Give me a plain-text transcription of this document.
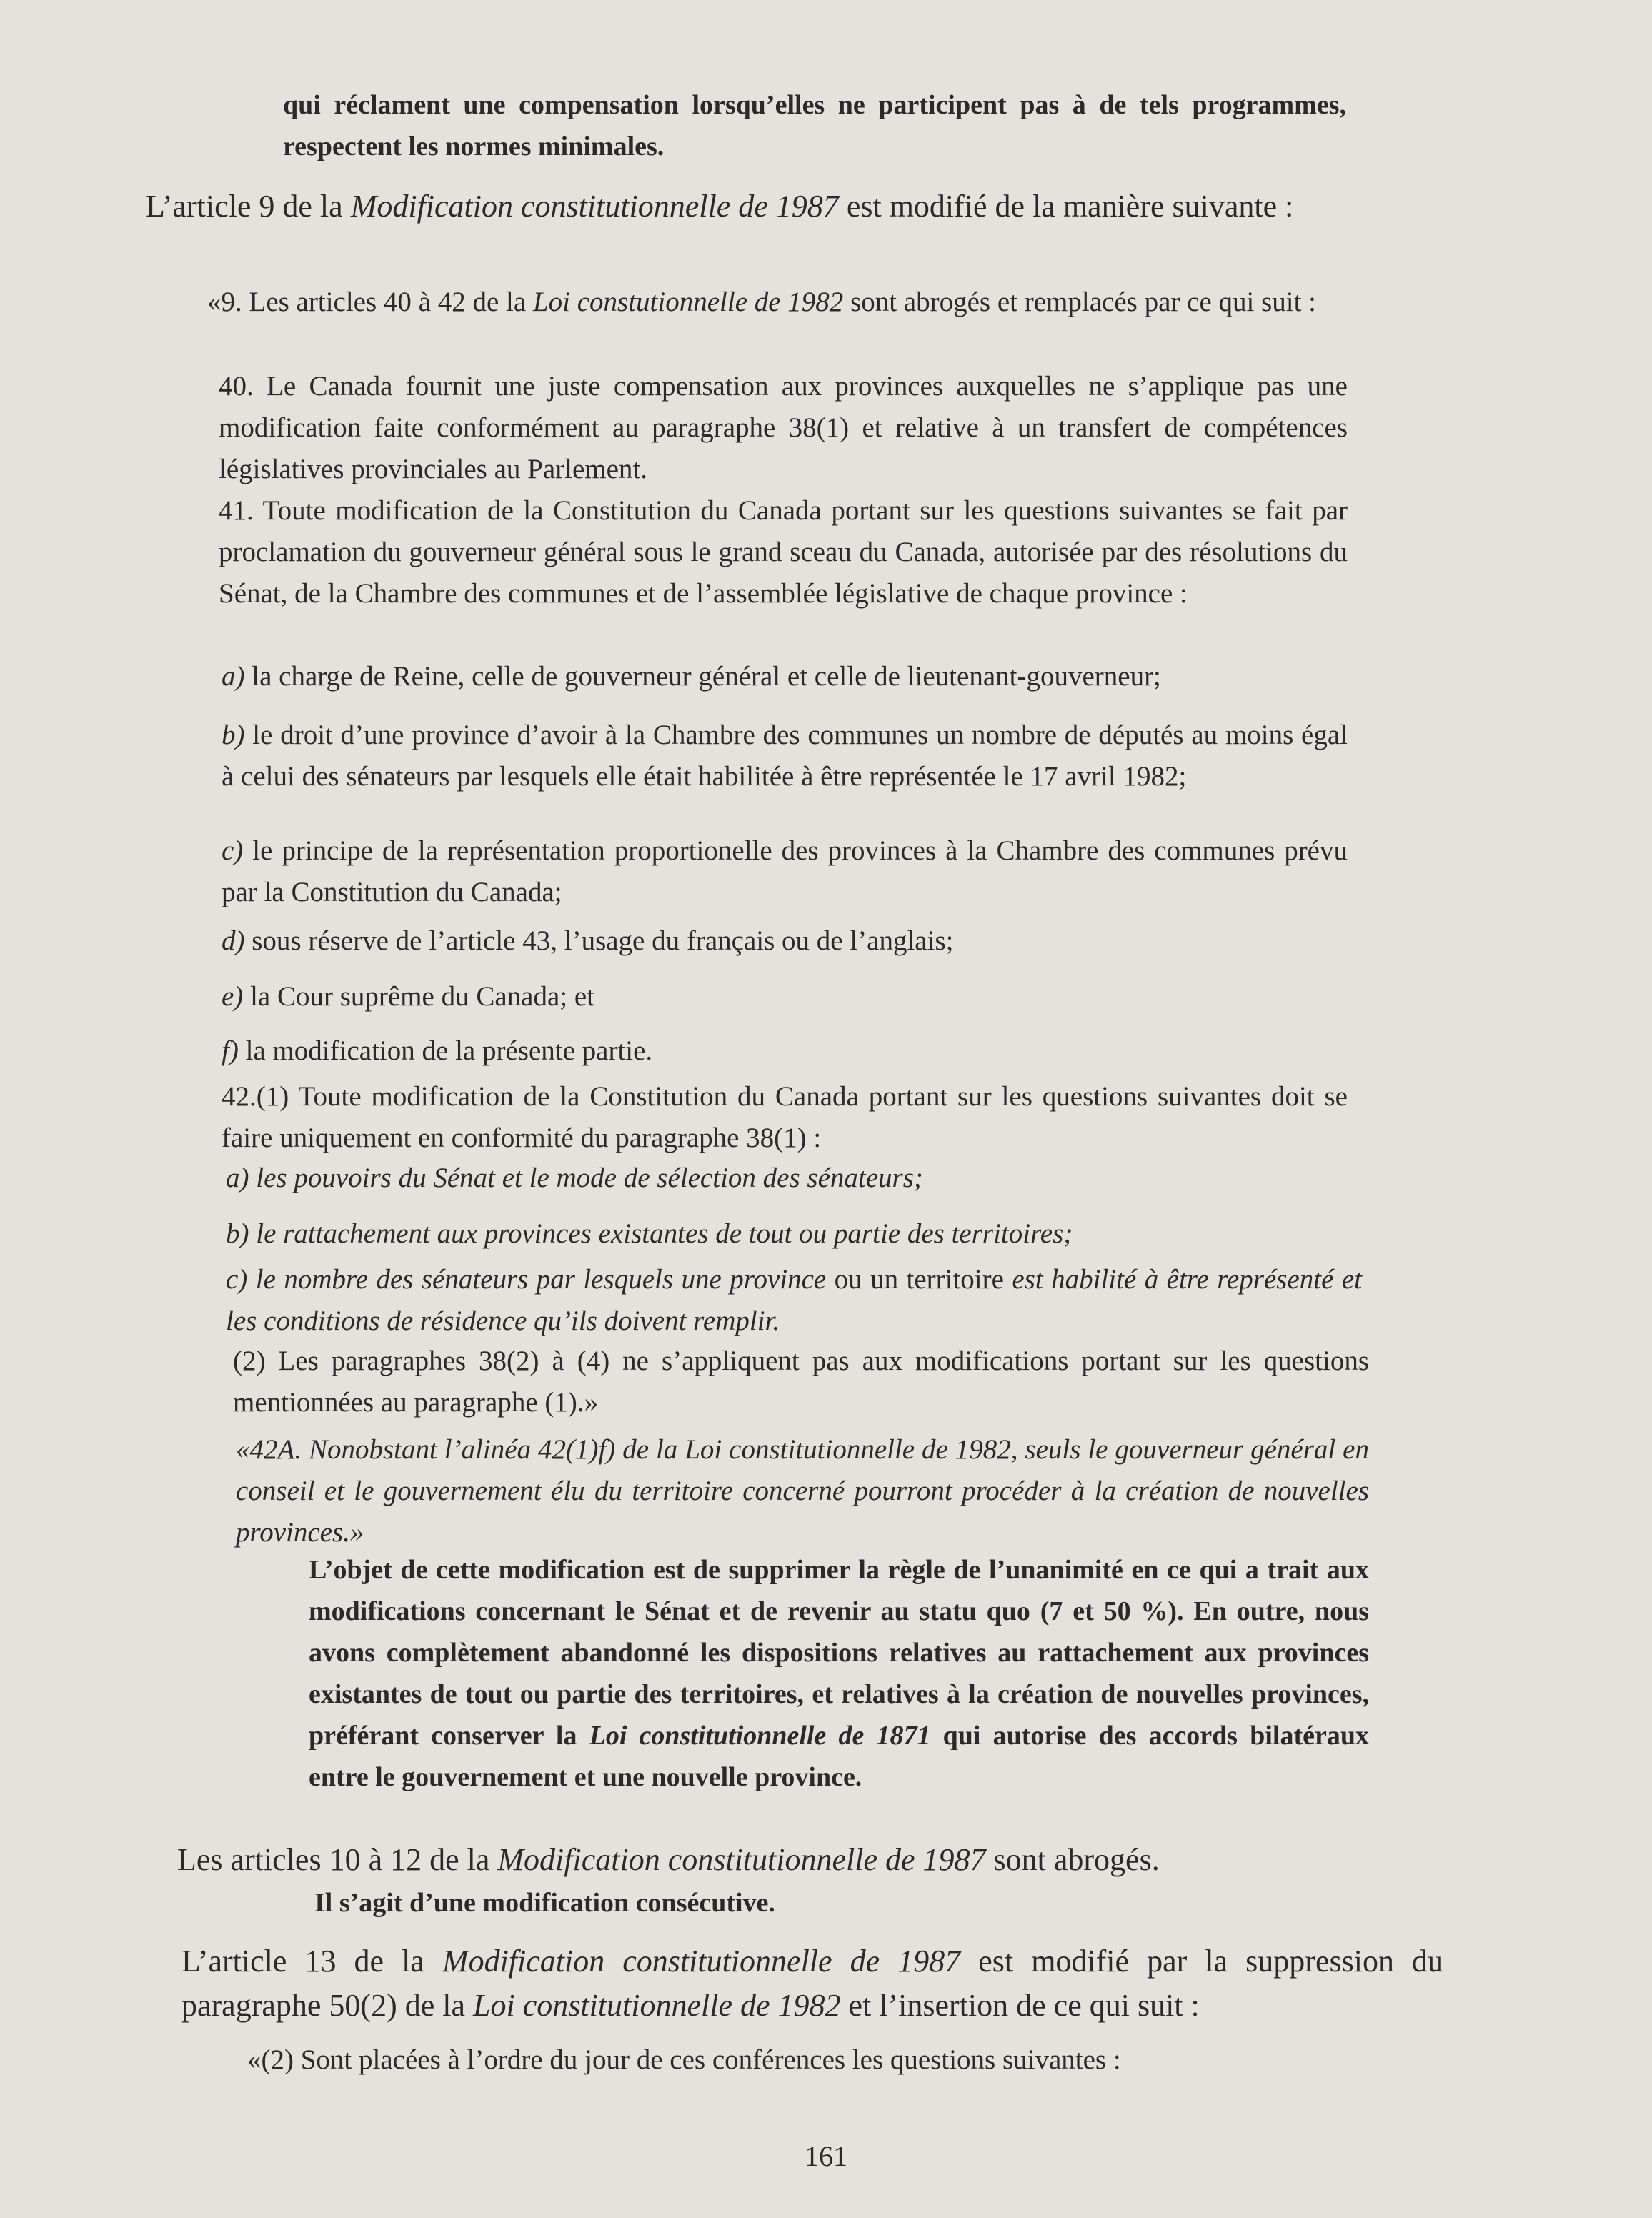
qui réclament une compensation lorsqu’elles ne participent pas à de tels programmes, respectent les normes minimales.

L’article 9 de la Modification constitutionnelle de 1987 est modifié de la manière suivante :

«9. Les articles 40 à 42 de la Loi constutionnelle de 1982 sont abrogés et remplacés par ce qui suit :

40. Le Canada fournit une juste compensation aux provinces auxquelles ne s’applique pas une modification faite conformément au paragraphe 38(1) et relative à un transfert de compétences législatives provinciales au Parlement.

41. Toute modification de la Constitution du Canada portant sur les questions suivantes se fait par proclamation du gouverneur général sous le grand sceau du Canada, autorisée par des résolutions du Sénat, de la Chambre des communes et de l’assemblée législative de chaque province :

a) la charge de Reine, celle de gouverneur général et celle de lieutenant-gouverneur;

b) le droit d’une province d’avoir à la Chambre des communes un nombre de députés au moins égal à celui des sénateurs par lesquels elle était habilitée à être représentée le 17 avril 1982;

c) le principe de la représentation proportionelle des provinces à la Chambre des communes prévu par la Constitution du Canada;

d) sous réserve de l’article 43, l’usage du français ou de l’anglais;

e) la Cour suprême du Canada; et

f) la modification de la présente partie.

42.(1) Toute modification de la Constitution du Canada portant sur les questions suivantes doit se faire uniquement en conformité du paragraphe 38(1) :

a) les pouvoirs du Sénat et le mode de sélection des sénateurs;

b) le rattachement aux provinces existantes de tout ou partie des territoires;

c) le nombre des sénateurs par lesquels une province ou un territoire est habilité à être représenté et les conditions de résidence qu’ils doivent remplir.

(2) Les paragraphes 38(2) à (4) ne s’appliquent pas aux modifications portant sur les questions mentionnées au paragraphe (1).»

«42A. Nonobstant l’alinéa 42(1)f) de la Loi constitutionnelle de 1982, seuls le gouverneur général en conseil et le gouvernement élu du territoire concerné pourront procéder à la création de nouvelles provinces.»

L’objet de cette modification est de supprimer la règle de l’unanimité en ce qui a trait aux modifications concernant le Sénat et de revenir au statu quo (7 et 50 %). En outre, nous avons complètement abandonné les dispositions relatives au rattachement aux provinces existantes de tout ou partie des territoires, et relatives à la création de nouvelles provinces, préférant conserver la Loi constitutionnelle de 1871 qui autorise des accords bilatéraux entre le gouvernement et une nouvelle province.

Les articles 10 à 12 de la Modification constitutionnelle de 1987 sont abrogés.

Il s’agit d’une modification consécutive.

L’article 13 de la Modification constitutionnelle de 1987 est modifié par la suppression du paragraphe 50(2) de la Loi constitutionnelle de 1982 et l’insertion de ce qui suit :

«(2) Sont placées à l’ordre du jour de ces conférences les questions suivantes :

161
